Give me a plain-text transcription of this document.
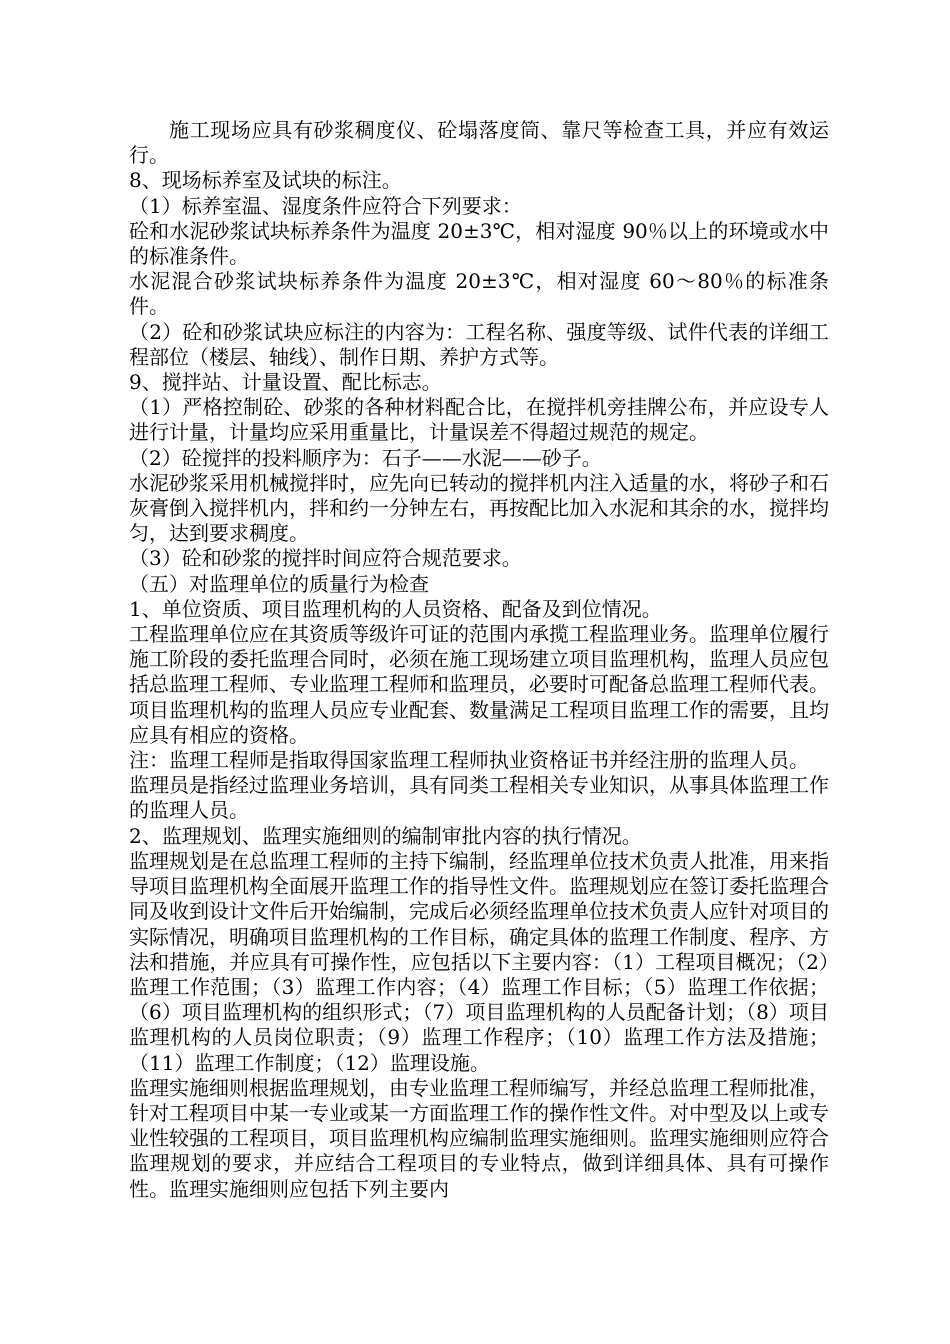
施工现场应具有砂浆稠度仪、砼塌落度筒、靠尺等检查工具，并应有效运行。

8、现场标养室及试块的标注。

（1）标养室温、湿度条件应符合下列要求：

砼和水泥砂浆试块标养条件为温度 20±3℃，相对湿度 90％以上的环境或水中的标准条件。

水泥混合砂浆试块标养条件为温度 20±3℃，相对湿度 60～80％的标准条件。

（2）砼和砂浆试块应标注的内容为：工程名称、强度等级、试件代表的详细工程部位（楼层、轴线）、制作日期、养护方式等。

9、搅拌站、计量设置、配比标志。

（1）严格控制砼、砂浆的各种材料配合比，在搅拌机旁挂牌公布，并应设专人进行计量，计量均应采用重量比，计量误差不得超过规范的规定。

（2）砼搅拌的投料顺序为：石子——水泥——砂子。

水泥砂浆采用机械搅拌时，应先向已转动的搅拌机内注入适量的水，将砂子和石灰膏倒入搅拌机内，拌和约一分钟左右，再按配比加入水泥和其余的水，搅拌均匀，达到要求稠度。

（3）砼和砂浆的搅拌时间应符合规范要求。

（五）对监理单位的质量行为检查

1、单位资质、项目监理机构的人员资格、配备及到位情况。

工程监理单位应在其资质等级许可证的范围内承揽工程监理业务。监理单位履行施工阶段的委托监理合同时，必须在施工现场建立项目监理机构，监理人员应包括总监理工程师、专业监理工程师和监理员，必要时可配备总监理工程师代表。项目监理机构的监理人员应专业配套、数量满足工程项目监理工作的需要，且均应具有相应的资格。

注：监理工程师是指取得国家监理工程师执业资格证书并经注册的监理人员。

监理员是指经过监理业务培训，具有同类工程相关专业知识，从事具体监理工作的监理人员。

2、监理规划、监理实施细则的编制审批内容的执行情况。

监理规划是在总监理工程师的主持下编制，经监理单位技术负责人批准，用来指导项目监理机构全面展开监理工作的指导性文件。监理规划应在签订委托监理合同及收到设计文件后开始编制，完成后必须经监理单位技术负责人应针对项目的实际情况，明确项目监理机构的工作目标，确定具体的监理工作制度、程序、方法和措施，并应具有可操作性，应包括以下主要内容：（1）工程项目概况；（2）监理工作范围；（3）监理工作内容；（4）监理工作目标；（5）监理工作依据；（6）项目监理机构的组织形式；（7）项目监理机构的人员配备计划；（8）项目监理机构的人员岗位职责；（9）监理工作程序；（10）监理工作方法及措施；（11）监理工作制度；（12）监理设施。

监理实施细则根据监理规划，由专业监理工程师编写，并经总监理工程师批准，针对工程项目中某一专业或某一方面监理工作的操作性文件。对中型及以上或专业性较强的工程项目，项目监理机构应编制监理实施细则。监理实施细则应符合监理规划的要求，并应结合工程项目的专业特点，做到详细具体、具有可操作性。监理实施细则应包括下列主要内
